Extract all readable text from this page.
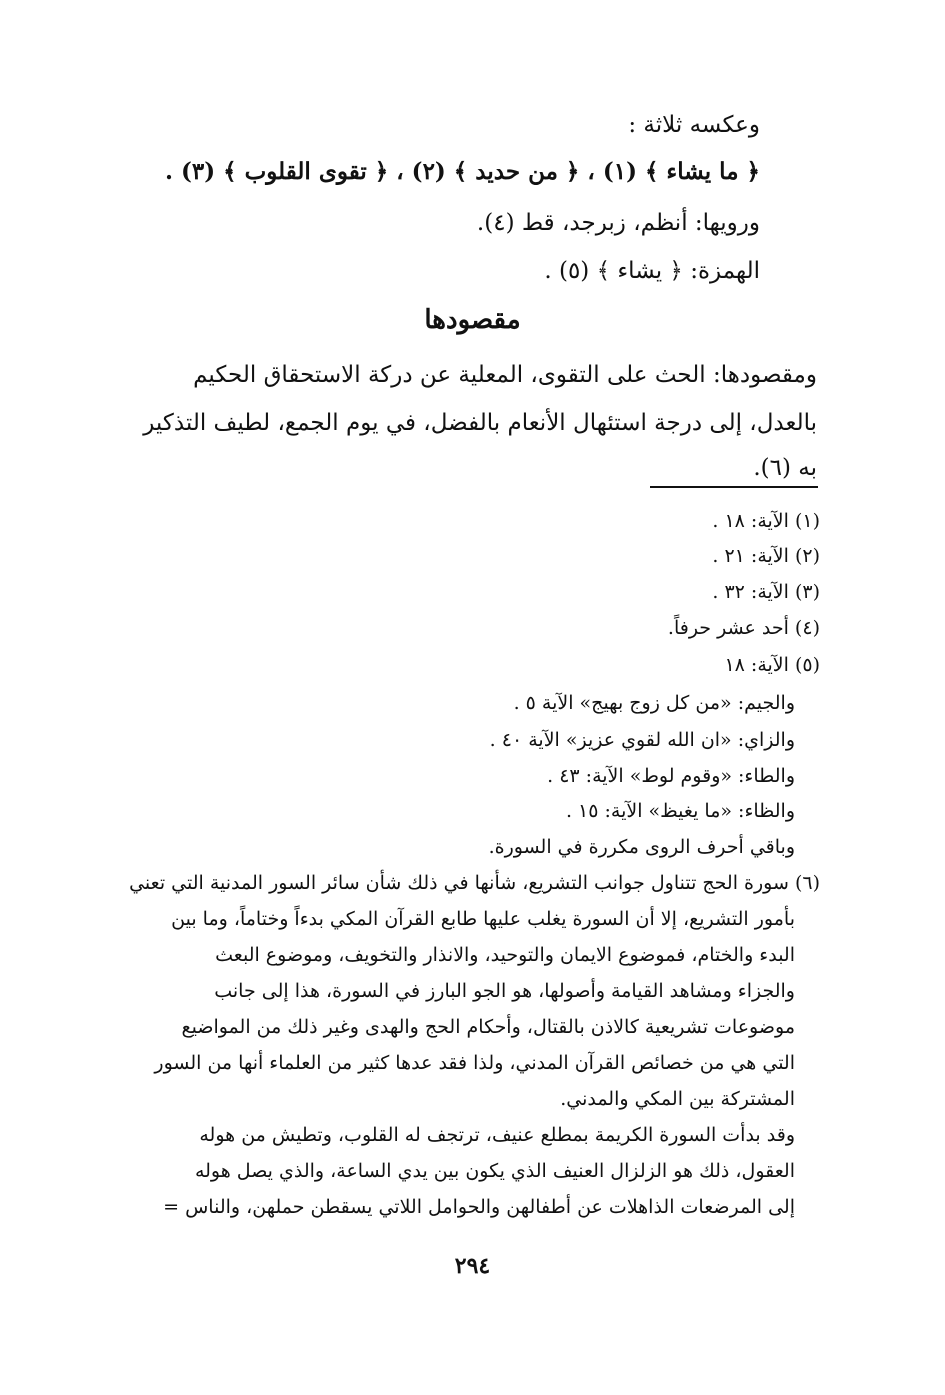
وعكسه ثلاثة :
﴿ ما يشاء ﴾ (١) ، ﴿ من حديد ﴾ (٢) ، ﴿ تقوى القلوب ﴾ (٣) .
ورويها: أنظم، زبرجد، قط (٤).
الهمزة: ﴿ يشاء ﴾ (٥) .
مقصودها
ومقصودها: الحث على التقوى، المعلية عن دركة الاستحقاق الحكيم
بالعدل، إلى درجة استئهال الأنعام بالفضل، في يوم الجمع، لطيف التذكير
به (٦).
(١) الآية: ١٨ .
(٢) الآية: ٢١ .
(٣) الآية: ٣٢ .
(٤) أحد عشر حرفاً.
(٥) الآية: ١٨
والجيم: «من كل زوج بهيج» الآية ٥ .
والزاي: «ان الله لقوي عزيز» الآية ٤٠ .
والطاء: «وقوم لوط» الآية: ٤٣ .
والظاء: «ما يغيظ» الآية: ١٥ .
وباقي أحرف الروى مكررة في السورة.
(٦) سورة الحج تتناول جوانب التشريع، شأنها في ذلك شأن سائر السور المدنية التي تعني
بأمور التشريع، إلا أن السورة يغلب عليها طابع القرآن المكي بدءاً وختاماً، وما بين
البدء والختام، فموضوع الايمان والتوحيد، والانذار والتخويف، وموضوع البعث
والجزاء ومشاهد القيامة وأصولها، هو الجو البارز في السورة، هذا إلى جانب
موضوعات تشريعية كالاذن بالقتال، وأحكام الحج والهدى وغير ذلك من المواضيع
التي هي من خصائص القرآن المدني، ولذا فقد عدها كثير من العلماء أنها من السور
المشتركة بين المكي والمدني.
وقد بدأت السورة الكريمة بمطلع عنيف، ترتجف له القلوب، وتطيش من هوله
العقول، ذلك هو الزلزال العنيف الذي يكون بين يدي الساعة، والذي يصل هوله
إلى المرضعات الذاهلات عن أطفالهن والحوامل اللاتي يسقطن حملهن، والناس =
٢٩٤
